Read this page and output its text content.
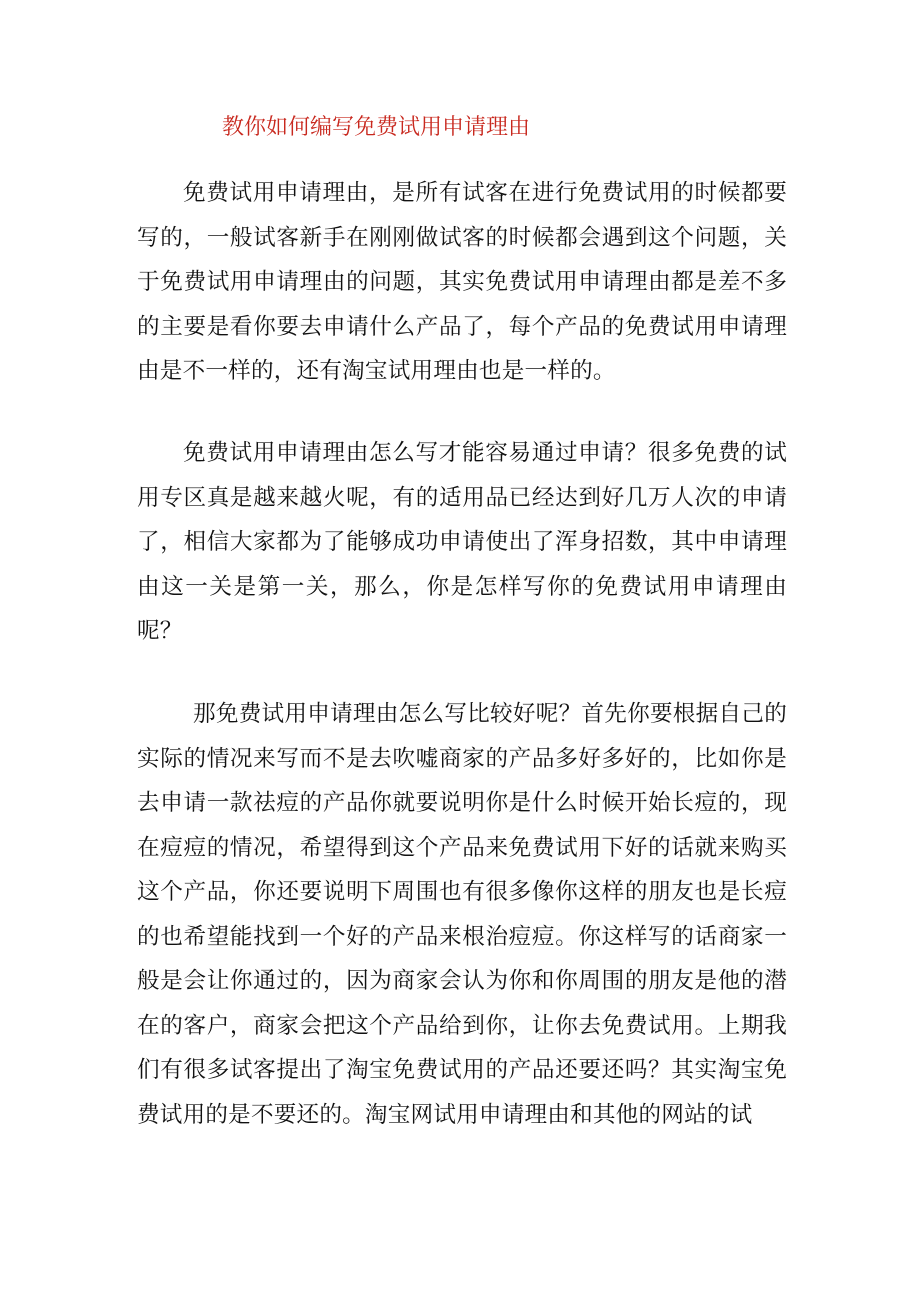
教你如何编写免费试用申请理由

免费试用申请理由，是所有试客在进行免费试用的时候都要写的，一般试客新手在刚刚做试客的时候都会遇到这个问题，关于免费试用申请理由的问题，其实免费试用申请理由都是差不多的主要是看你要去申请什么产品了，每个产品的免费试用申请理由是不一样的，还有淘宝试用理由也是一样的。

免费试用申请理由怎么写才能容易通过申请？很多免费的试用专区真是越来越火呢，有的适用品已经达到好几万人次的申请了，相信大家都为了能够成功申请使出了浑身招数，其中申请理由这一关是第一关，那么，你是怎样写你的免费试用申请理由呢？

那免费试用申请理由怎么写比较好呢？首先你要根据自己的实际的情况来写而不是去吹嘘商家的产品多好多好的，比如你是去申请一款祛痘的产品你就要说明你是什么时候开始长痘的，现在痘痘的情况，希望得到这个产品来免费试用下好的话就来购买这个产品，你还要说明下周围也有很多像你这样的朋友也是长痘的也希望能找到一个好的产品来根治痘痘。你这样写的话商家一般是会让你通过的，因为商家会认为你和你周围的朋友是他的潜在的客户，商家会把这个产品给到你，让你去免费试用。上期我们有很多试客提出了淘宝免费试用的产品还要还吗？其实淘宝免费试用的是不要还的。淘宝网试用申请理由和其他的网站的试
